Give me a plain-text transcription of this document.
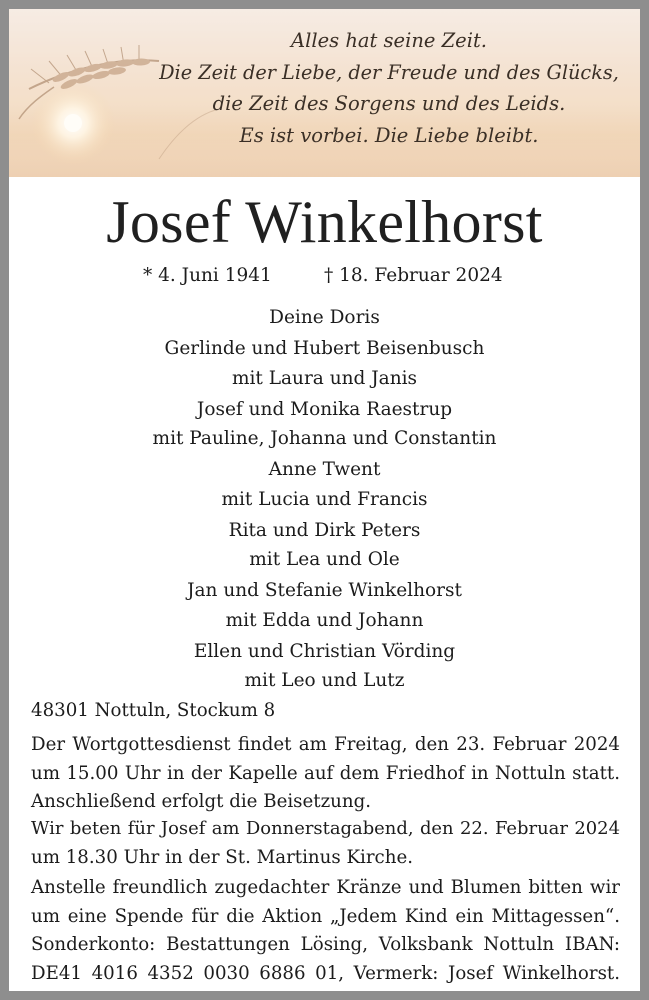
Alles hat seine Zeit.
Die Zeit der Liebe, der Freude und des Glücks,
die Zeit des Sorgens und des Leids.
Es ist vorbei. Die Liebe bleibt.
Josef Winkelhorst
* 4. Juni 1941	† 18. Februar 2024
Deine Doris
Gerlinde und Hubert Beisenbusch
mit Laura und Janis
Josef und Monika Raestrup
mit Pauline, Johanna und Constantin
Anne Twent
mit Lucia und Francis
Rita und Dirk Peters
mit Lea und Ole
Jan und Stefanie Winkelhorst
mit Edda und Johann
Ellen und Christian Vörding
mit Leo und Lutz
48301 Nottuln, Stockum 8
Der Wortgottesdienst findet am Freitag, den 23. Februar 2024
um 15.00 Uhr in der Kapelle auf dem Friedhof in Nottuln statt.
Anschließend erfolgt die Beisetzung.
Wir beten für Josef am Donnerstagabend, den 22. Februar 2024
um 18.30 Uhr in der St. Martinus Kirche.
Anstelle freundlich zugedachter Kränze und Blumen bitten wir
um eine Spende für die Aktion „Jedem Kind ein Mittagessen“.
Sonderkonto: Bestattungen Lösing, Volksbank Nottuln IBAN:
DE41 4016 4352 0030 6886 01, Vermerk: Josef Winkelhorst.
